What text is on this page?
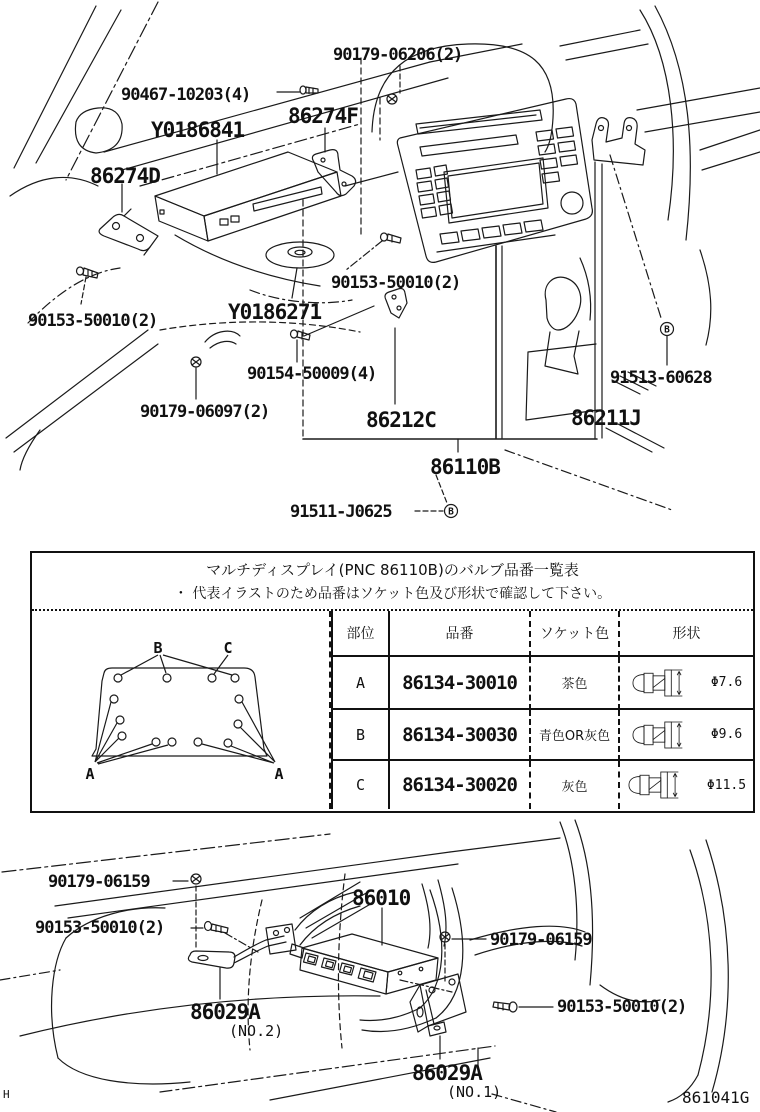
B
B
90179-06206(2)
90467-10203(4)
86274F
Y0186841
86274D
90153-50010(2)	Y0186271
90153-50010(2)
90154-50009(4)
90179-06097(2)	86212C	86211J
91513-60628
86110B
91511-J0625
マルチディスプレイ(PNC 86110B)のバルブ品番一覧表
・ 代表イラストのため品番はソケット色及び形状で確認して下さい。
B	C
A	A
部位	品番	ソケット色	形状
A	86134-30010	茶色	Φ7.6
B	86134-30030	青色OR灰色	Φ9.6
C	86134-30020	灰色	Φ11.5
90179-06159
90153-50010(2)
86010
90179-06159
90153-50010(2)
86029A
(NO.2)
86029A
(NO.1)	861041G
H
